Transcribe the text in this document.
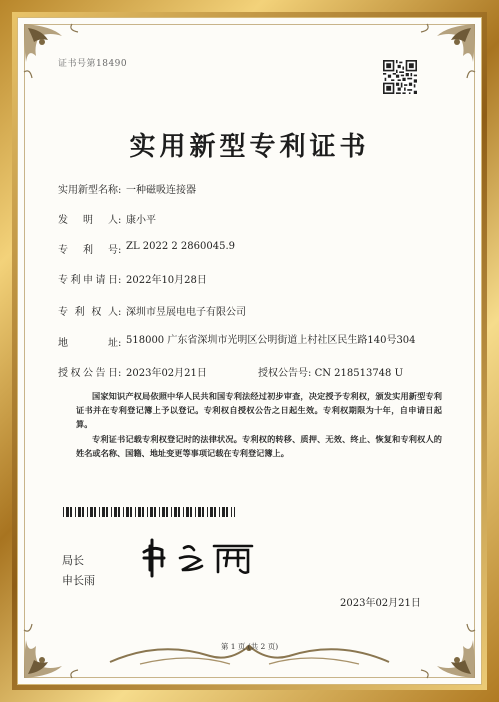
证书号第18490
实用新型专利证书
实用新型名称: 一种磁吸连接器
发明人: 康小平
专利号: ZL 2022 2 2860045.9
专利申请日: 2022年10月28日
专利权人: 深圳市昱展电电子有限公司
地址: 518000 广东省深圳市光明区公明街道上村社区民生路140号304
授权公告日: 2023年02月21日	授权公告号: CN 218513748 U
国家知识产权局依照中华人民共和国专利法经过初步审查，决定授予专利权，颁发实用新型专利证书并在专利登记簿上予以登记。专利权自授权公告之日起生效。专利权期限为十年，自申请日起算。
专利证书记载专利权登记时的法律状况。专利权的转移、质押、无效、终止、恢复和专利权人的姓名或名称、国籍、地址变更等事项记载在专利登记簿上。
局长
申长雨
2023年02月21日
第 1 页 (共 2 页)
